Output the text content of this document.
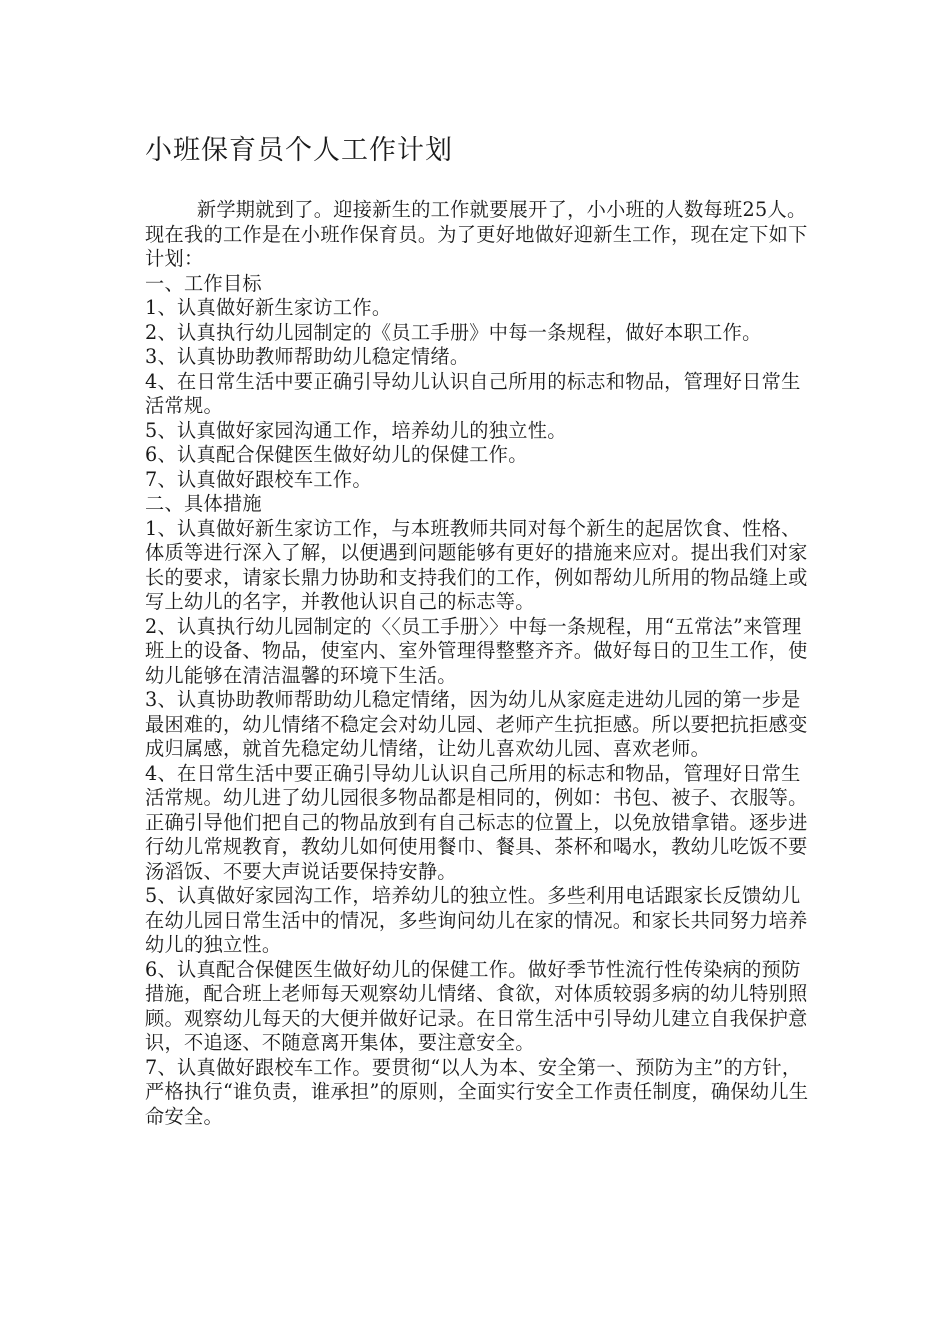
小班保育员个人工作计划

新学期就到了。迎接新生的工作就要展开了，小小班的人数每班25人。现在我的工作是在小班作保育员。为了更好地做好迎新生工作，现在定下如下计划：

一、工作目标

1、认真做好新生家访工作。

2、认真执行幼儿园制定的《员工手册》中每一条规程，做好本职工作。

3、认真协助教师帮助幼儿稳定情绪。

4、在日常生活中要正确引导幼儿认识自己所用的标志和物品，管理好日常生活常规。

5、认真做好家园沟通工作，培养幼儿的独立性。

6、认真配合保健医生做好幼儿的保健工作。

7、认真做好跟校车工作。

二、具体措施

1、认真做好新生家访工作，与本班教师共同对每个新生的起居饮食、性格、体质等进行深入了解，以便遇到问题能够有更好的措施来应对。提出我们对家长的要求，请家长鼎力协助和支持我们的工作，例如帮幼儿所用的物品缝上或写上幼儿的名字，并教他认识自己的标志等。

2、认真执行幼儿园制定的〈〈员工手册〉〉中每一条规程，用“五常法”来管理班上的设备、物品，使室内、室外管理得整整齐齐。做好每日的卫生工作，使幼儿能够在清洁温馨的环境下生活。

3、认真协助教师帮助幼儿稳定情绪，因为幼儿从家庭走进幼儿园的第一步是最困难的，幼儿情绪不稳定会对幼儿园、老师产生抗拒感。所以要把抗拒感变成归属感，就首先稳定幼儿情绪，让幼儿喜欢幼儿园、喜欢老师。

4、在日常生活中要正确引导幼儿认识自己所用的标志和物品，管理好日常生活常规。幼儿进了幼儿园很多物品都是相同的，例如：书包、被子、衣服等。正确引导他们把自己的物品放到有自己标志的位置上，以免放错拿错。逐步进行幼儿常规教育，教幼儿如何使用餐巾、餐具、茶杯和喝水，教幼儿吃饭不要汤滔饭、不要大声说话要保持安静。

5、认真做好家园沟工作，培养幼儿的独立性。多些利用电话跟家长反馈幼儿在幼儿园日常生活中的情况，多些询问幼儿在家的情况。和家长共同努力培养幼儿的独立性。

6、认真配合保健医生做好幼儿的保健工作。做好季节性流行性传染病的预防措施，配合班上老师每天观察幼儿情绪、食欲，对体质较弱多病的幼儿特别照顾。观察幼儿每天的大便并做好记录。在日常生活中引导幼儿建立自我保护意识，不追逐、不随意离开集体，要注意安全。

7、认真做好跟校车工作。要贯彻“以人为本、安全第一、预防为主”的方针，严格执行“谁负责，谁承担”的原则，全面实行安全工作责任制度，确保幼儿生命安全。
